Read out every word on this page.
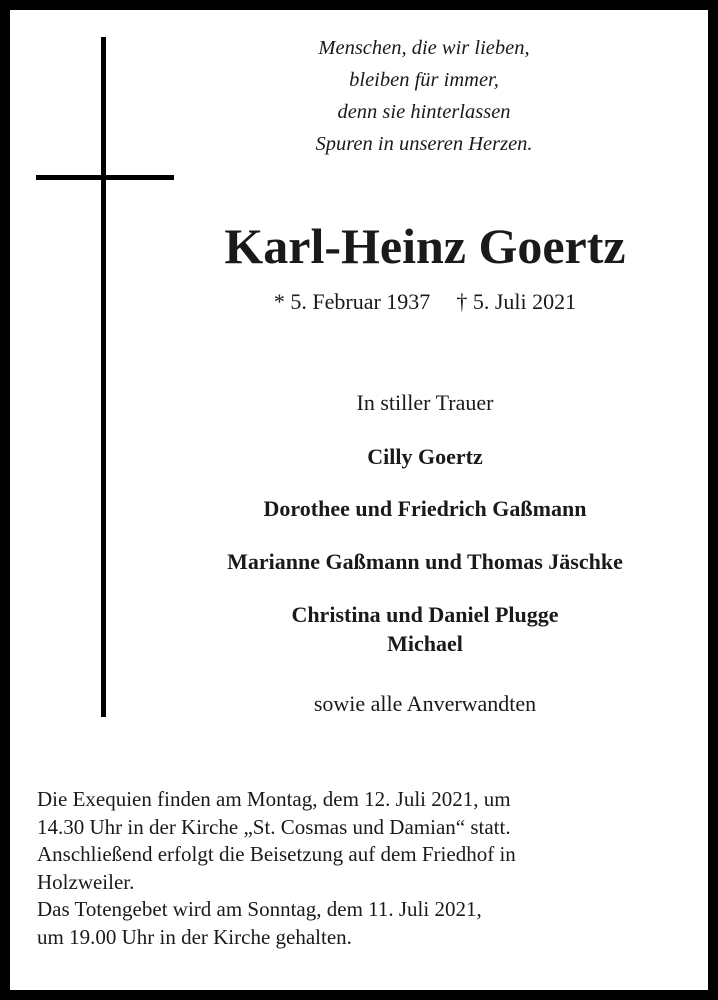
Menschen, die wir lieben,
bleiben für immer,
denn sie hinterlassen
Spuren in unseren Herzen.
Karl-Heinz Goertz
* 5. Februar 1937 † 5. Juli 2021
In stiller Trauer
Cilly Goertz
Dorothee und Friedrich Gaßmann
Marianne Gaßmann und Thomas Jäschke
Christina und Daniel Plugge
Michael
sowie alle Anverwandten
Die Exequien finden am Montag, dem 12. Juli 2021, um
14.30 Uhr in der Kirche „St. Cosmas und Damian“ statt.
Anschließend erfolgt die Beisetzung auf dem Friedhof in
Holzweiler.
Das Totengebet wird am Sonntag, dem 11. Juli 2021,
um 19.00 Uhr in der Kirche gehalten.
